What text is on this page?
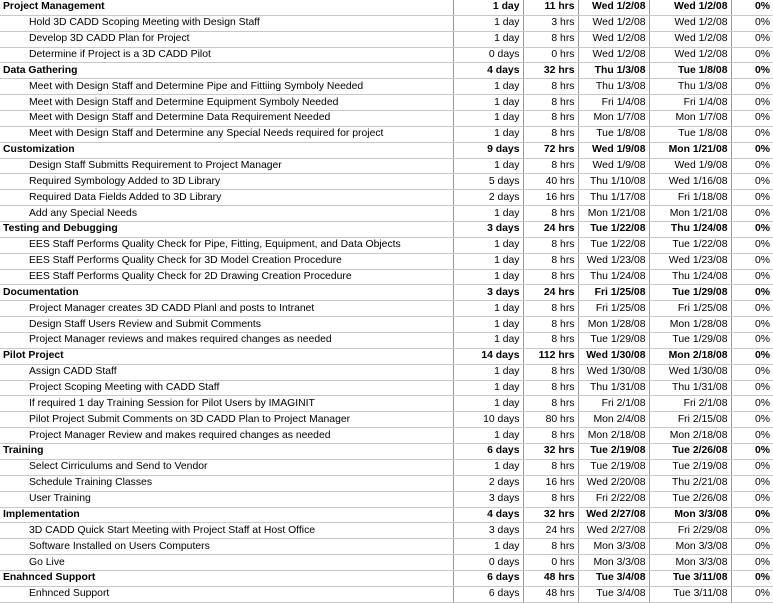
Project Management	1 day	11 hrs	Wed 1/2/08	Wed 1/2/08	0%
Hold 3D CADD Scoping Meeting with Design Staff	1 day	3 hrs	Wed 1/2/08	Wed 1/2/08	0%
Develop 3D CADD Plan for Project	1 day	8 hrs	Wed 1/2/08	Wed 1/2/08	0%
Determine if Project is a 3D CADD Pilot	0 days	0 hrs	Wed 1/2/08	Wed 1/2/08	0%
Data Gathering	4 days	32 hrs	Thu 1/3/08	Tue 1/8/08	0%
Meet with Design Staff and Determine Pipe and Fittiing Symboly Needed	1 day	8 hrs	Thu 1/3/08	Thu 1/3/08	0%
Meet with Design Staff and Determine Equipment Symboly Needed	1 day	8 hrs	Fri 1/4/08	Fri 1/4/08	0%
Meet with Design Staff and Determine Data Requirement Needed	1 day	8 hrs	Mon 1/7/08	Mon 1/7/08	0%
Meet with Design Staff and Determine any Special Needs required for project	1 day	8 hrs	Tue 1/8/08	Tue 1/8/08	0%
Customization	9 days	72 hrs	Wed 1/9/08	Mon 1/21/08	0%
Design Staff Submitts Requirement to Project Manager	1 day	8 hrs	Wed 1/9/08	Wed 1/9/08	0%
Required Symbology Added to 3D Library	5 days	40 hrs	Thu 1/10/08	Wed 1/16/08	0%
Required Data Fields Added to 3D Library	2 days	16 hrs	Thu 1/17/08	Fri 1/18/08	0%
Add any Special Needs	1 day	8 hrs	Mon 1/21/08	Mon 1/21/08	0%
Testing and Debugging	3 days	24 hrs	Tue 1/22/08	Thu 1/24/08	0%
EES Staff Performs Quality Check for Pipe, Fitting, Equipment, and Data Objects	1 day	8 hrs	Tue 1/22/08	Tue 1/22/08	0%
EES Staff Performs Quality Check for 3D Model Creation Procedure	1 day	8 hrs	Wed 1/23/08	Wed 1/23/08	0%
EES Staff Performs Quality Check for 2D Drawing Creation Procedure	1 day	8 hrs	Thu 1/24/08	Thu 1/24/08	0%
Documentation	3 days	24 hrs	Fri 1/25/08	Tue 1/29/08	0%
Project Manager creates 3D CADD Planl and posts to Intranet	1 day	8 hrs	Fri 1/25/08	Fri 1/25/08	0%
Design Staff Users Review and Submit Comments	1 day	8 hrs	Mon 1/28/08	Mon 1/28/08	0%
Project Manager reviews and makes required changes as needed	1 day	8 hrs	Tue 1/29/08	Tue 1/29/08	0%
Pilot Project	14 days	112 hrs	Wed 1/30/08	Mon 2/18/08	0%
Assign CADD Staff	1 day	8 hrs	Wed 1/30/08	Wed 1/30/08	0%
Project Scoping Meeting with CADD Staff	1 day	8 hrs	Thu 1/31/08	Thu 1/31/08	0%
If required 1 day Training Session for Pilot Users by IMAGINIT	1 day	8 hrs	Fri 2/1/08	Fri 2/1/08	0%
Pilot Project Submit Comments on 3D CADD Plan to Project Manager	10 days	80 hrs	Mon 2/4/08	Fri 2/15/08	0%
Project Manager Review and makes required changes as needed	1 day	8 hrs	Mon 2/18/08	Mon 2/18/08	0%
Training	6 days	32 hrs	Tue 2/19/08	Tue 2/26/08	0%
Select Cirriculums and Send to Vendor	1 day	8 hrs	Tue 2/19/08	Tue 2/19/08	0%
Schedule Training Classes	2 days	16 hrs	Wed 2/20/08	Thu 2/21/08	0%
User Training	3 days	8 hrs	Fri 2/22/08	Tue 2/26/08	0%
Implementation	4 days	32 hrs	Wed 2/27/08	Mon 3/3/08	0%
3D CADD Quick Start Meeting with Project Staff at Host Office	3 days	24 hrs	Wed 2/27/08	Fri 2/29/08	0%
Software Installed on Users Computers	1 day	8 hrs	Mon 3/3/08	Mon 3/3/08	0%
Go Live	0 days	0 hrs	Mon 3/3/08	Mon 3/3/08	0%
Enahnced Support	6 days	48 hrs	Tue 3/4/08	Tue 3/11/08	0%
Enhnced Support	6 days	48 hrs	Tue 3/4/08	Tue 3/11/08	0%
